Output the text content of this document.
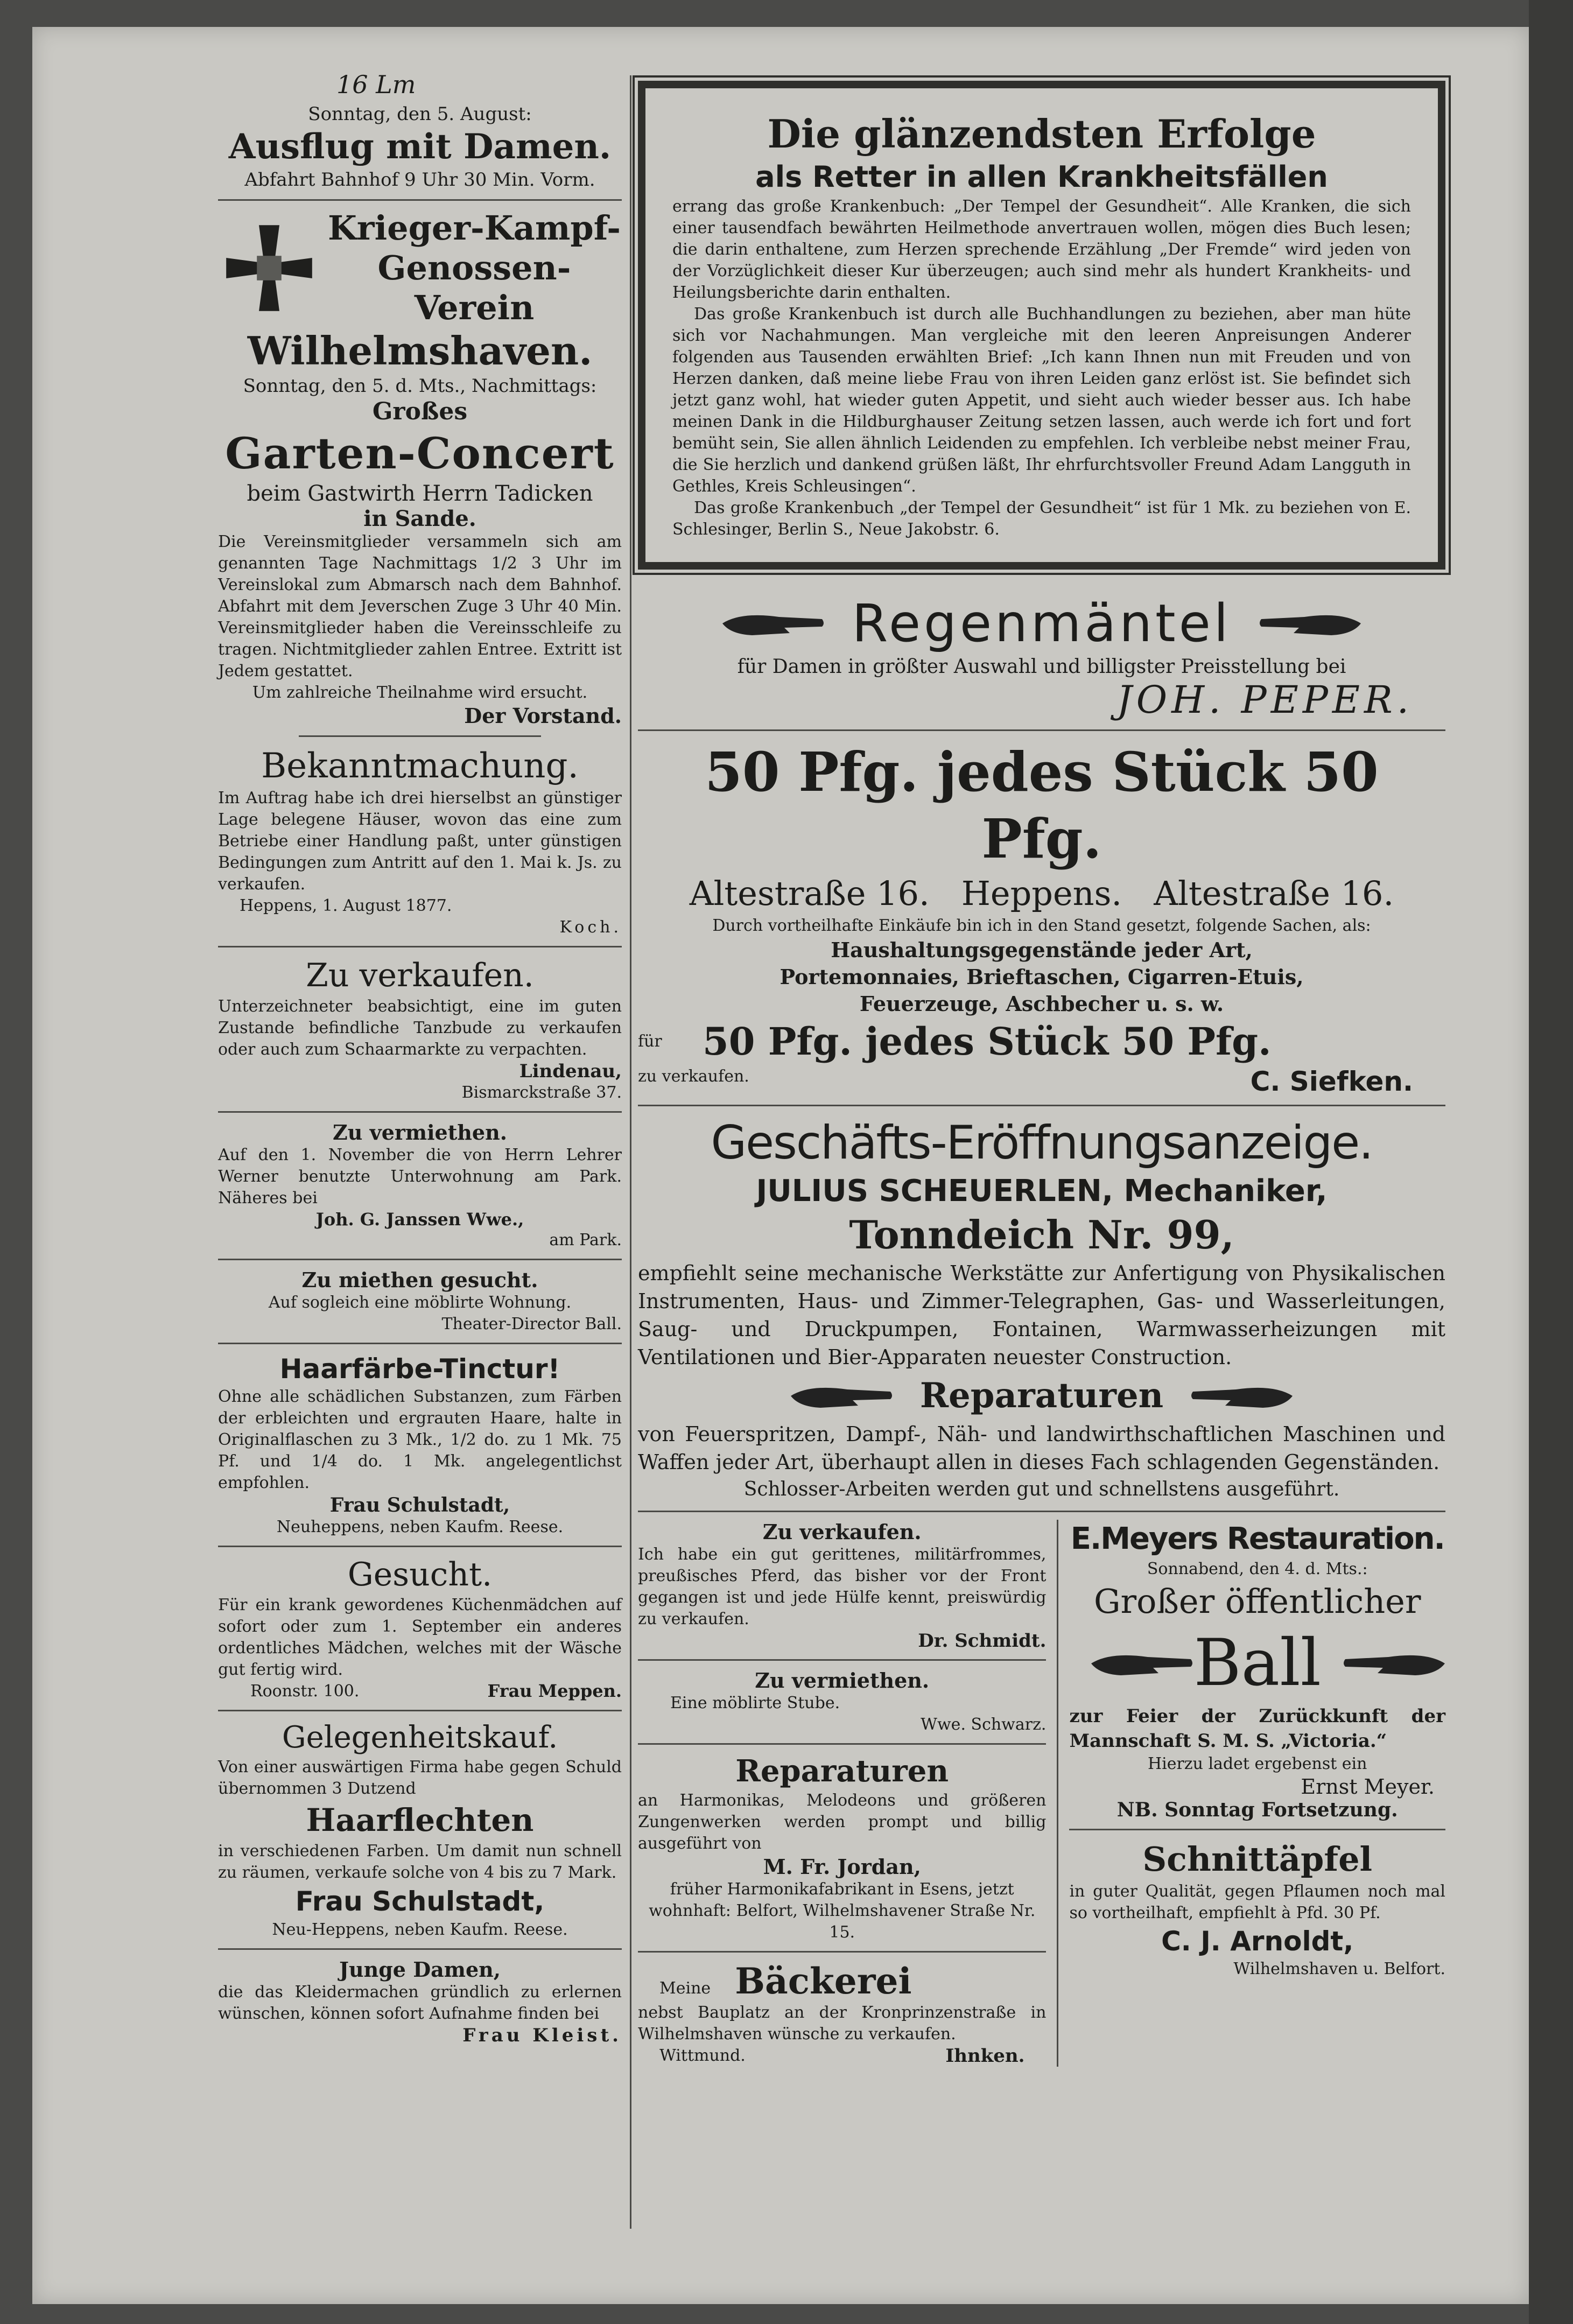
16 Lm

Sonntag, den 5. August:

Ausflug mit Damen.

Abfahrt Bahnhof 9 Uhr 30 Min. Vorm.

Krieger-Kampf-

Genossen-Verein

Wilhelmshaven.

Sonntag, den 5. d. Mts., Nachmittags:

Großes

Garten-Concert

beim Gastwirth Herrn Tadicken

in Sande.

Die Vereinsmitglieder versammeln sich am genannten Tage Nachmittags 1/2 3 Uhr im Vereinslokal zum Abmarsch nach dem Bahnhof. Abfahrt mit dem Jeverschen Zuge 3 Uhr 40 Min. Vereinsmitglieder haben die Vereinsschleife zu tragen. Nichtmitglieder zahlen Entree. Extritt ist Jedem gestattet.

Um zahlreiche Theilnahme wird ersucht.

Der Vorstand.

Bekanntmachung.

Im Auftrag habe ich drei hierselbst an günstiger Lage belegene Häuser, wovon das eine zum Betriebe einer Handlung paßt, unter günstigen Bedingungen zum Antritt auf den 1. Mai k. Js. zu verkaufen.

Heppens, 1. August 1877.

Koch.

Zu verkaufen.

Unterzeichneter beabsichtigt, eine im guten Zustande befindliche Tanzbude zu verkaufen oder auch zum Schaarmarkte zu verpachten.

Lindenau,

Bismarckstraße 37.

Zu vermiethen.

Auf den 1. November die von Herrn Lehrer Werner benutzte Unterwohnung am Park. Näheres bei

Joh. G. Janssen Wwe.,

am Park.

Zu miethen gesucht.

Auf sogleich eine möblirte Wohnung.

Theater-Director Ball.

Haarfärbe-Tinctur!

Ohne alle schädlichen Substanzen, zum Färben der erbleichten und ergrauten Haare, halte in Originalflaschen zu 3 Mk., 1/2 do. zu 1 Mk. 75 Pf. und 1/4 do. 1 Mk. angelegentlichst empfohlen.

Frau Schulstadt,

Neuheppens, neben Kaufm. Reese.

Gesucht.

Für ein krank gewordenes Küchenmädchen auf sofort oder zum 1. September ein anderes ordentliches Mädchen, welches mit der Wäsche gut fertig wird.

Roonstr. 100.	Frau Meppen.

Gelegenheitskauf.

Von einer auswärtigen Firma habe gegen Schuld übernommen 3 Dutzend

Haarflechten

in verschiedenen Farben. Um damit nun schnell zu räumen, verkaufe solche von 4 bis zu 7 Mark.

Frau Schulstadt,

Neu-Heppens, neben Kaufm. Reese.

Junge Damen,

die das Kleidermachen gründlich zu erlernen wünschen, können sofort Aufnahme finden bei

Frau Kleist.

Die glänzendsten Erfolge

als Retter in allen Krankheitsfällen

errang das große Krankenbuch: „Der Tempel der Gesundheit“. Alle Kranken, die sich einer tausendfach bewährten Heilmethode anvertrauen wollen, mögen dies Buch lesen; die darin enthaltene, zum Herzen sprechende Erzählung „Der Fremde“ wird jeden von der Vorzüglichkeit dieser Kur überzeugen; auch sind mehr als hundert Krankheits- und Heilungsberichte darin enthalten.

Das große Krankenbuch ist durch alle Buchhandlungen zu beziehen, aber man hüte sich vor Nachahmungen. Man vergleiche mit den leeren Anpreisungen Anderer folgenden aus Tausenden erwählten Brief: „Ich kann Ihnen nun mit Freuden und von Herzen danken, daß meine liebe Frau von ihren Leiden ganz erlöst ist. Sie befindet sich jetzt ganz wohl, hat wieder guten Appetit, und sieht auch wieder besser aus. Ich habe meinen Dank in die Hildburghauser Zeitung setzen lassen, auch werde ich fort und fort bemüht sein, Sie allen ähnlich Leidenden zu empfehlen. Ich verbleibe nebst meiner Frau, die Sie herzlich und dankend grüßen läßt, Ihr ehrfurchtsvoller Freund Adam Langguth in Gethles, Kreis Schleusingen“.

Das große Krankenbuch „der Tempel der Gesundheit“ ist für 1 Mk. zu beziehen von E. Schlesinger, Berlin S., Neue Jakobstr. 6.

Regenmäntel

für Damen in größter Auswahl und billigster Preisstellung bei

JOH. PEPER.

50 Pfg. jedes Stück 50 Pfg.

Altestraße 16.   Heppens.   Altestraße 16.

Durch vortheilhafte Einkäufe bin ich in den Stand gesetzt, folgende Sachen, als:

Haushaltungsgegenstände jeder Art,

Portemonnaies, Brieftaschen, Cigarren-Etuis,

Feuerzeuge, Aschbecher u. s. w.

für	50 Pfg. jedes Stück 50 Pfg.
zu verkaufen.	C. Siefken.

Geschäfts-Eröffnungsanzeige.

JULIUS SCHEUERLEN, Mechaniker,

Tonndeich Nr. 99,

empfiehlt seine mechanische Werkstätte zur Anfertigung von Physikalischen Instrumenten, Haus- und Zimmer-Telegraphen, Gas- und Wasserleitungen, Saug- und Druckpumpen, Fontainen, Warmwasserheizungen mit Ventilationen und Bier-Apparaten neuester Construction.

Reparaturen

von Feuerspritzen, Dampf-, Näh- und landwirthschaftlichen Maschinen und Waffen jeder Art, überhaupt allen in dieses Fach schlagenden Gegenständen.

Schlosser-Arbeiten werden gut und schnellstens ausgeführt.

Zu verkaufen.

Ich habe ein gut gerittenes, militärfrommes, preußisches Pferd, das bisher vor der Front gegangen ist und jede Hülfe kennt, preiswürdig zu verkaufen.

Dr. Schmidt.

Zu vermiethen.

Eine möblirte Stube.

Wwe. Schwarz.

Reparaturen

an Harmonikas, Melodeons und größeren Zungenwerken werden prompt und billig ausgeführt von

M. Fr. Jordan,

früher Harmonikafabrikant in Esens, jetzt wohnhaft: Belfort, Wilhelmshavener Straße Nr. 15.

Meine Bäckerei

nebst Bauplatz an der Kronprinzenstraße in Wilhelmshaven wünsche zu verkaufen.

Wittmund.	Ihnken.

E.Meyers Restauration.

Sonnabend, den 4. d. Mts.:

Großer öffentlicher

Ball

zur Feier der Zurückkunft der Mannschaft S. M. S. „Victoria.“

Hierzu ladet ergebenst ein

Ernst Meyer.

NB. Sonntag Fortsetzung.

Schnittäpfel

in guter Qualität, gegen Pflaumen noch mal so vortheilhaft, empfiehlt à Pfd. 30 Pf.

C. J. Arnoldt,

Wilhelmshaven u. Belfort.
